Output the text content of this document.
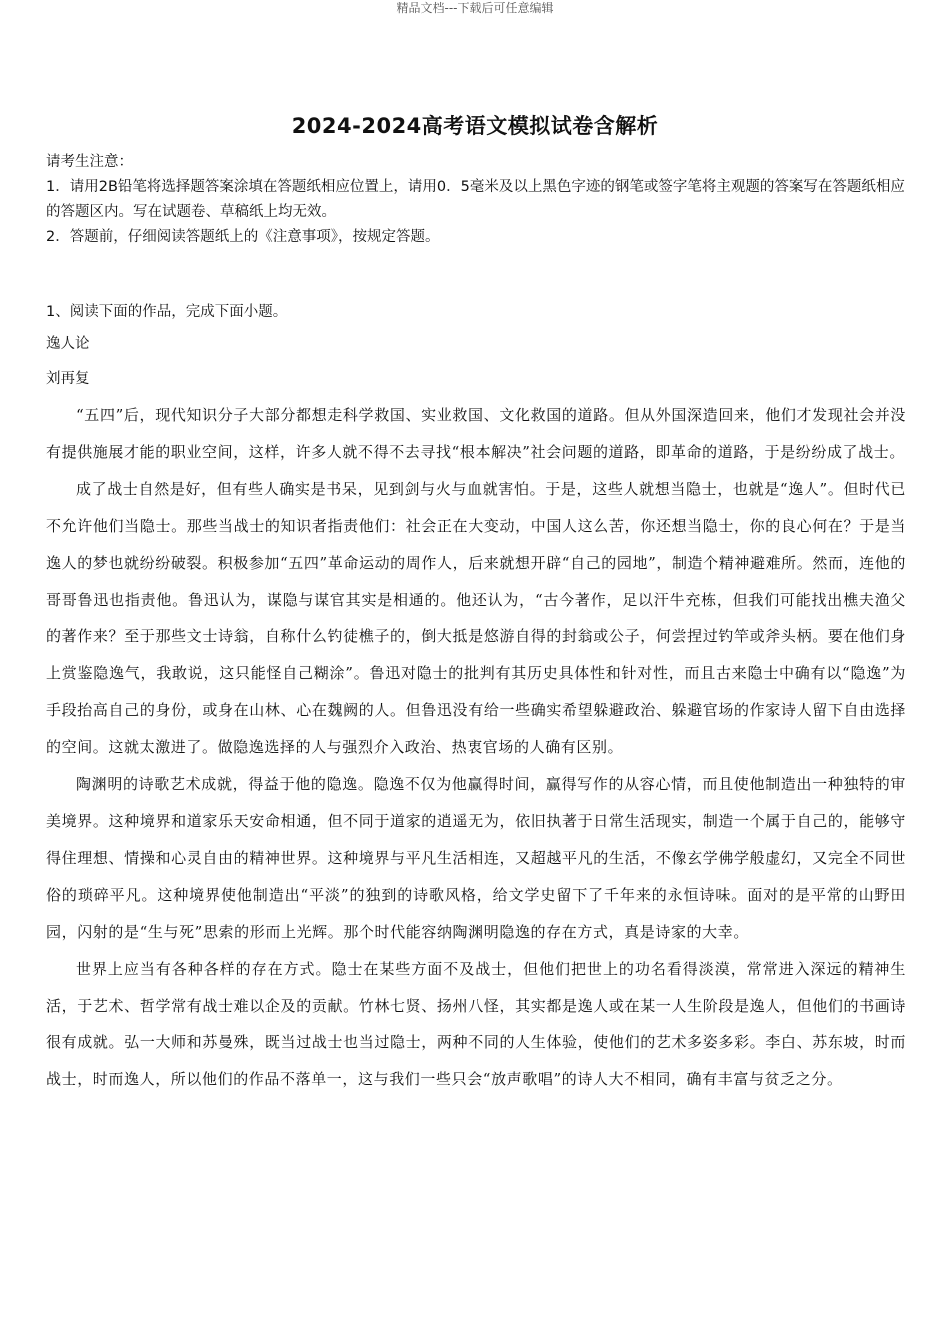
精品文档---下载后可任意编辑
2024-2024高考语文模拟试卷含解析

请考生注意：

1．请用2B铅笔将选择题答案涂填在答题纸相应位置上，请用0．5毫米及以上黑色字迹的钢笔或签字笔将主观题的答案写在答题纸相应的答题区内。写在试题卷、草稿纸上均无效。

2．答题前，仔细阅读答题纸上的《注意事项》，按规定答题。

1、阅读下面的作品，完成下面小题。
逸人论
刘再复

“五四”后，现代知识分子大部分都想走科学救国、实业救国、文化救国的道路。但从外国深造回来，他们才发现社会并没有提供施展才能的职业空间，这样，许多人就不得不去寻找“根本解决”社会问题的道路，即革命的道路，于是纷纷成了战士。

成了战士自然是好，但有些人确实是书呆，见到剑与火与血就害怕。于是，这些人就想当隐士，也就是“逸人”。但时代已不允许他们当隐士。那些当战士的知识者指责他们：社会正在大变动，中国人这么苦，你还想当隐士，你的良心何在？于是当逸人的梦也就纷纷破裂。积极参加“五四”革命运动的周作人，后来就想开辟“自己的园地”，制造个精神避难所。然而，连他的哥哥鲁迅也指责他。鲁迅认为，谋隐与谋官其实是相通的。他还认为，“古今著作，足以汗牛充栋，但我们可能找出樵夫渔父的著作来？至于那些文士诗翁，自称什么钓徒樵子的，倒大抵是悠游自得的封翁或公子，何尝捏过钓竿或斧头柄。要在他们身上赏鉴隐逸气，我敢说，这只能怪自己糊涂”。鲁迅对隐士的批判有其历史具体性和针对性，而且古来隐士中确有以“隐逸”为手段抬高自己的身份，或身在山林、心在魏阙的人。但鲁迅没有给一些确实希望躲避政治、躲避官场的作家诗人留下自由选择的空间。这就太激进了。做隐逸选择的人与强烈介入政治、热衷官场的人确有区别。

陶渊明的诗歌艺术成就，得益于他的隐逸。隐逸不仅为他赢得时间，赢得写作的从容心情，而且使他制造出一种独特的审美境界。这种境界和道家乐天安命相通，但不同于道家的逍遥无为，依旧执著于日常生活现实，制造一个属于自己的，能够守得住理想、情操和心灵自由的精神世界。这种境界与平凡生活相连，又超越平凡的生活，不像玄学佛学般虚幻，又完全不同世俗的琐碎平凡。这种境界使他制造出“平淡”的独到的诗歌风格，给文学史留下了千年来的永恒诗味。面对的是平常的山野田园，闪射的是“生与死”思索的形而上光辉。那个时代能容纳陶渊明隐逸的存在方式，真是诗家的大幸。

世界上应当有各种各样的存在方式。隐士在某些方面不及战士，但他们把世上的功名看得淡漠，常常进入深远的精神生活，于艺术、哲学常有战士难以企及的贡献。竹林七贤、扬州八怪，其实都是逸人或在某一人生阶段是逸人，但他们的书画诗很有成就。弘一大师和苏曼殊，既当过战士也当过隐士，两种不同的人生体验，使他们的艺术多姿多彩。李白、苏东坡，时而战士，时而逸人，所以他们的作品不落单一，这与我们一些只会“放声歌唱”的诗人大不相同，确有丰富与贫乏之分。
